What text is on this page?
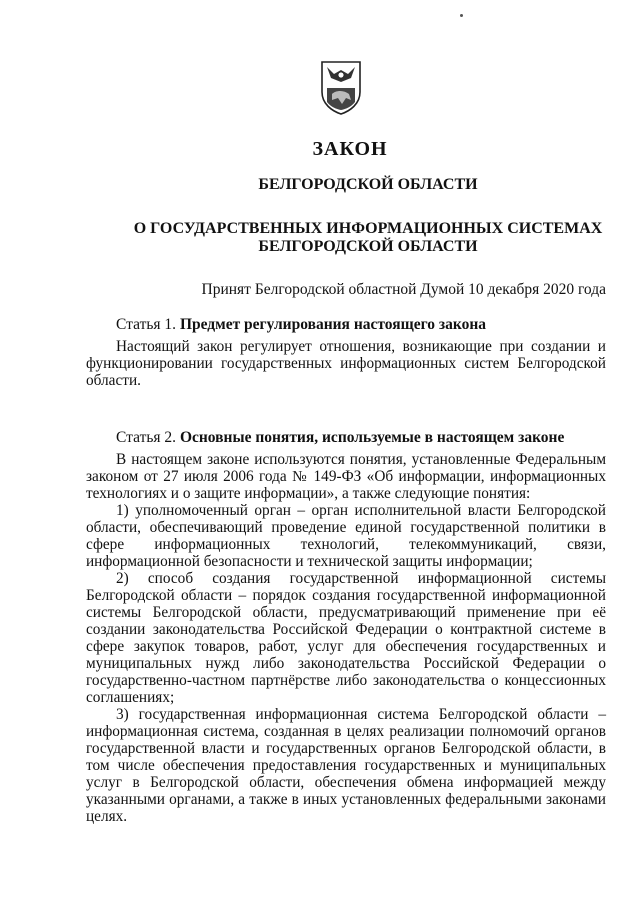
ЗАКОН
БЕЛГОРОДСКОЙ ОБЛАСТИ
О ГОСУДАРСТВЕННЫХ ИНФОРМАЦИОННЫХ СИСТЕМАХ
БЕЛГОРОДСКОЙ ОБЛАСТИ
Принят Белгородской областной Думой 10 декабря 2020 года
Статья 1. Предмет регулирования настоящего закона

Настоящий закон регулирует отношения, возникающие при создании и функционировании государственных информационных систем Белгородской области.

Статья 2. Основные понятия, используемые в настоящем законе

В настоящем законе используются понятия, установленные Федеральным законом от 27 июля 2006 года № 149-ФЗ «Об информации, информационных технологиях и о защите информации», а также следующие понятия:

1) уполномоченный орган – орган исполнительной власти Белгородской области, обеспечивающий проведение единой государственной политики в сфере информационных технологий, телекоммуникаций, связи, информационной безопасности и технической защиты информации;

2) способ создания государственной информационной системы Белгородской области – порядок создания государственной информационной системы Белгородской области, предусматривающий применение при её создании законодательства Российской Федерации о контрактной системе в сфере закупок товаров, работ, услуг для обеспечения государственных и муниципальных нужд либо законодательства Российской Федерации о государственно-частном партнёрстве либо законодательства о концессионных соглашениях;

3) государственная информационная система Белгородской области – информационная система, созданная в целях реализации полномочий органов государственной власти и государственных органов Белгородской области, в том числе обеспечения предоставления государственных и муниципальных услуг в Белгородской области, обеспечения обмена информацией между указанными органами, а также в иных установленных федеральными законами целях.
